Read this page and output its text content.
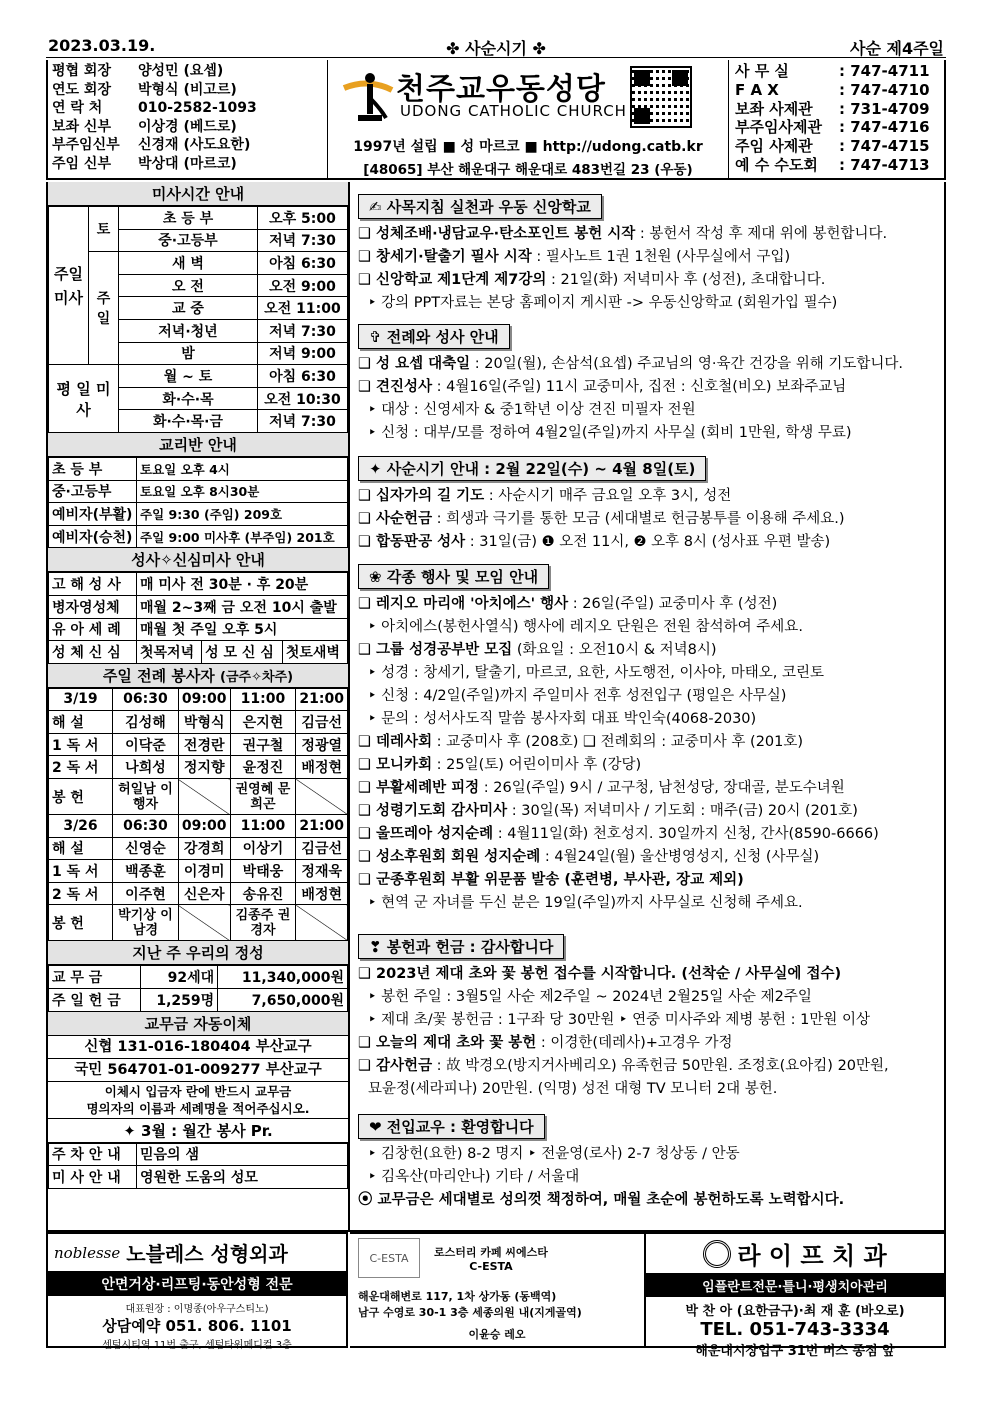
2023.03.19.	✤ 사순시기 ✤	사순 제4주일
평협 회장	양성민 (요셉)
연도 회장	박형식 (비고르)
연 락 처	010-2582-1093
보좌 신부	이상경 (베드로)
부주임신부	신경재 (사도요한)
주임 신부	박상대 (마르코)
천주교우동성당
UDONG CATHOLIC CHURCH
1997년 설립 ■ 성 마르코 ■ http://udong.catb.kr
[48065] 부산 해운대구 해운대로 483번길 23 (우동)
사 무 실	: 747-4711
F A X	: 747-4710
보좌 사제관	: 731-4709
부주임사제관	: 747-4716
주임 사제관	: 747-4715
예 수 수도회	: 747-4713
미사시간 안내
주일미사	토	초 등 부	오후 5:00
		중·고등부	저녁 7:30
	주일	새 벽	아침 6:30
		오 전	오전 9:00
		교 중	오전 11:00
		저녁·청년	저녁 7:30
		밤	저녁 9:00
평 일 미 사		월 ~ 토	아침 6:30
		화·수·목	오전 10:30
		화·수·목·금	저녁 7:30
교리반 안내
초 등 부	토요일 오후 4시
중·고등부	토요일 오후 8시30분
예비자(부활)	주일 9:30 (주임) 209호
예비자(승천)	주일 9:00 미사후 (부주임) 201호
성사✧신심미사 안내
고 해 성 사	매 미사 전 30분 · 후 20분		
병자영성체	매월 2~3째 금 오전 10시 출발		
유 아 세 례	매월 첫 주일 오후 5시		
성 체 신 심	첫목저녁	성 모 신 심	첫토새벽
주일 전례 봉사자 (금주✧차주)
3/19	06:30	09:00	11:00	21:00
해 설	김성해	박형식	은지현	김금선
1 독 서	이닥준	전경란	권구철	정광열
2 독 서	나희성	정지향	윤정진	배정현
봉 헌	허일남 이행자		권영혜 문희곤	
3/26	06:30	09:00	11:00	21:00
해 설	신영순	강경희	이상기	김금선
1 독 서	백종훈	이경미	박태웅	정재욱
2 독 서	이주현	신은자	송유진	배정현
봉 헌	박기상 이남경		김종주 권경자	
지난 주 우리의 정성
교 무 금	92세대	11,340,000원
주 일 헌 금	1,259명	7,650,000원
교무금 자동이체
신협 131-016-180404 부산교구
국민 564701-01-009277 부산교구
이체시 입금자 란에 반드시 교무금
명의자의 이름과 세례명을 적어주십시오.
✦ 3월 : 월간 봉사 Pr.
주 차 안 내	믿음의 샘
미 사 안 내	영원한 도움의 성모
✍ 사목지침 실천과 우동 신앙학교
❑ 성체조배·냉담교우·탄소포인트 봉헌 시작 : 봉헌서 작성 후 제대 위에 봉헌합니다.
❑ 창세기·탈출기 필사 시작 : 필사노트 1권 1천원 (사무실에서 구입)
❑ 신앙학교 제1단계 제7강의 : 21일(화) 저녁미사 후 (성전), 초대합니다.
‣ 강의 PPT자료는 본당 홈페이지 게시판 -> 우동신앙학교 (회원가입 필수)
✞ 전례와 성사 안내
❑ 성 요셉 대축일 : 20일(월), 손삼석(요셉) 주교님의 영·육간 건강을 위해 기도합니다.
❑ 견진성사 : 4월16일(주일) 11시 교중미사, 집전 : 신호철(비오) 보좌주교님
‣ 대상 : 신영세자 & 중1학년 이상 견진 미필자 전원
‣ 신청 : 대부/모를 정하여 4월2일(주일)까지 사무실 (회비 1만원, 학생 무료)
✦ 사순시기 안내 : 2월 22일(수) ~ 4월 8일(토)
❑ 십자가의 길 기도 : 사순시기 매주 금요일 오후 3시, 성전
❑ 사순헌금 : 희생과 극기를 통한 모금 (세대별로 헌금봉투를 이용해 주세요.)
❑ 합동판공 성사 : 31일(금) ❶ 오전 11시, ❷ 오후 8시 (성사표 우편 발송)
❀ 각종 행사 및 모임 안내
❑ 레지오 마리애 '아치에스' 행사 : 26일(주일) 교중미사 후 (성전)
‣ 아치에스(봉헌사열식) 행사에 레지오 단원은 전원 참석하여 주세요.
❑ 그룹 성경공부반 모집 (화요일 : 오전10시 & 저녁8시)
‣ 성경 : 창세기, 탈출기, 마르코, 요한, 사도행전, 이사야, 마태오, 코린토
‣ 신청 : 4/2일(주일)까지 주일미사 전후 성전입구 (평일은 사무실)
‣ 문의 : 성서사도직 말씀 봉사자회 대표 박인숙(4068-2030)
❑ 데레사회 : 교중미사 후 (208호) ❑ 전례회의 : 교중미사 후 (201호)
❑ 모니카회 : 25일(토) 어린이미사 후 (강당)
❑ 부활세례반 피정 : 26일(주일) 9시 / 교구청, 남천성당, 장대골, 분도수녀원
❑ 성령기도회 감사미사 : 30일(목) 저녁미사 / 기도회 : 매주(금) 20시 (201호)
❑ 울뜨레아 성지순례 : 4월11일(화) 천호성지. 30일까지 신청, 간사(8590-6666)
❑ 성소후원회 회원 성지순례 : 4월24일(월) 울산병영성지, 신청 (사무실)
❑ 군종후원회 부활 위문품 발송 (훈련병, 부사관, 장교 제외)
‣ 현역 군 자녀를 두신 분은 19일(주일)까지 사무실로 신청해 주세요.
❣ 봉헌과 헌금 : 감사합니다
❑ 2023년 제대 초와 꽃 봉헌 접수를 시작합니다. (선착순 / 사무실에 접수)
‣ 봉헌 주일 : 3월5일 사순 제2주일 ~ 2024년 2월25일 사순 제2주일
‣ 제대 초/꽃 봉헌금 : 1구좌 당 30만원 ‣ 연중 미사주와 제병 봉헌 : 1만원 이상
❑ 오늘의 제대 초와 꽃 봉헌 : 이경한(데레사)+고경우 가정
❑ 감사헌금 : 故 박경오(방지거사베리오) 유족헌금 50만원. 조정호(요아킴) 20만원,
묘윤정(세라피나) 20만원. (익명) 성전 대형 TV 모니터 2대 봉헌.
❤ 전입교우 : 환영합니다
‣ 김창헌(요한) 8-2 명지 ‣ 전윤영(로사) 2-7 청상동 / 안동
‣ 김옥산(마리안나) 기타 / 서울대
⦿ 교무금은 세대별로 성의껏 책정하여, 매월 초순에 봉헌하도록 노력합시다.
noblesse 노블레스 성형외과
안면거상·리프팅·동안성형 전문
대표원장 : 이명종(아우구스티노)
상담예약 051. 806. 1101
센텀시티역 11번 출구, 센텀타워메디컬 3층
C-ESTA	로스터리 카페 씨에스타
C-ESTA
해운대해변로 117, 1차 상가동 (동백역)
남구 수영로 30-1 3층 세종의원 내(지게골역)
이윤승 레오
라 이 프 치 과
임플란트전문·틀니·평생치아관리
박 찬 아 (요한금구)·최 재 훈 (바오로)
TEL. 051-743-3334
해운대시장입구 31번 버스 종점 앞
